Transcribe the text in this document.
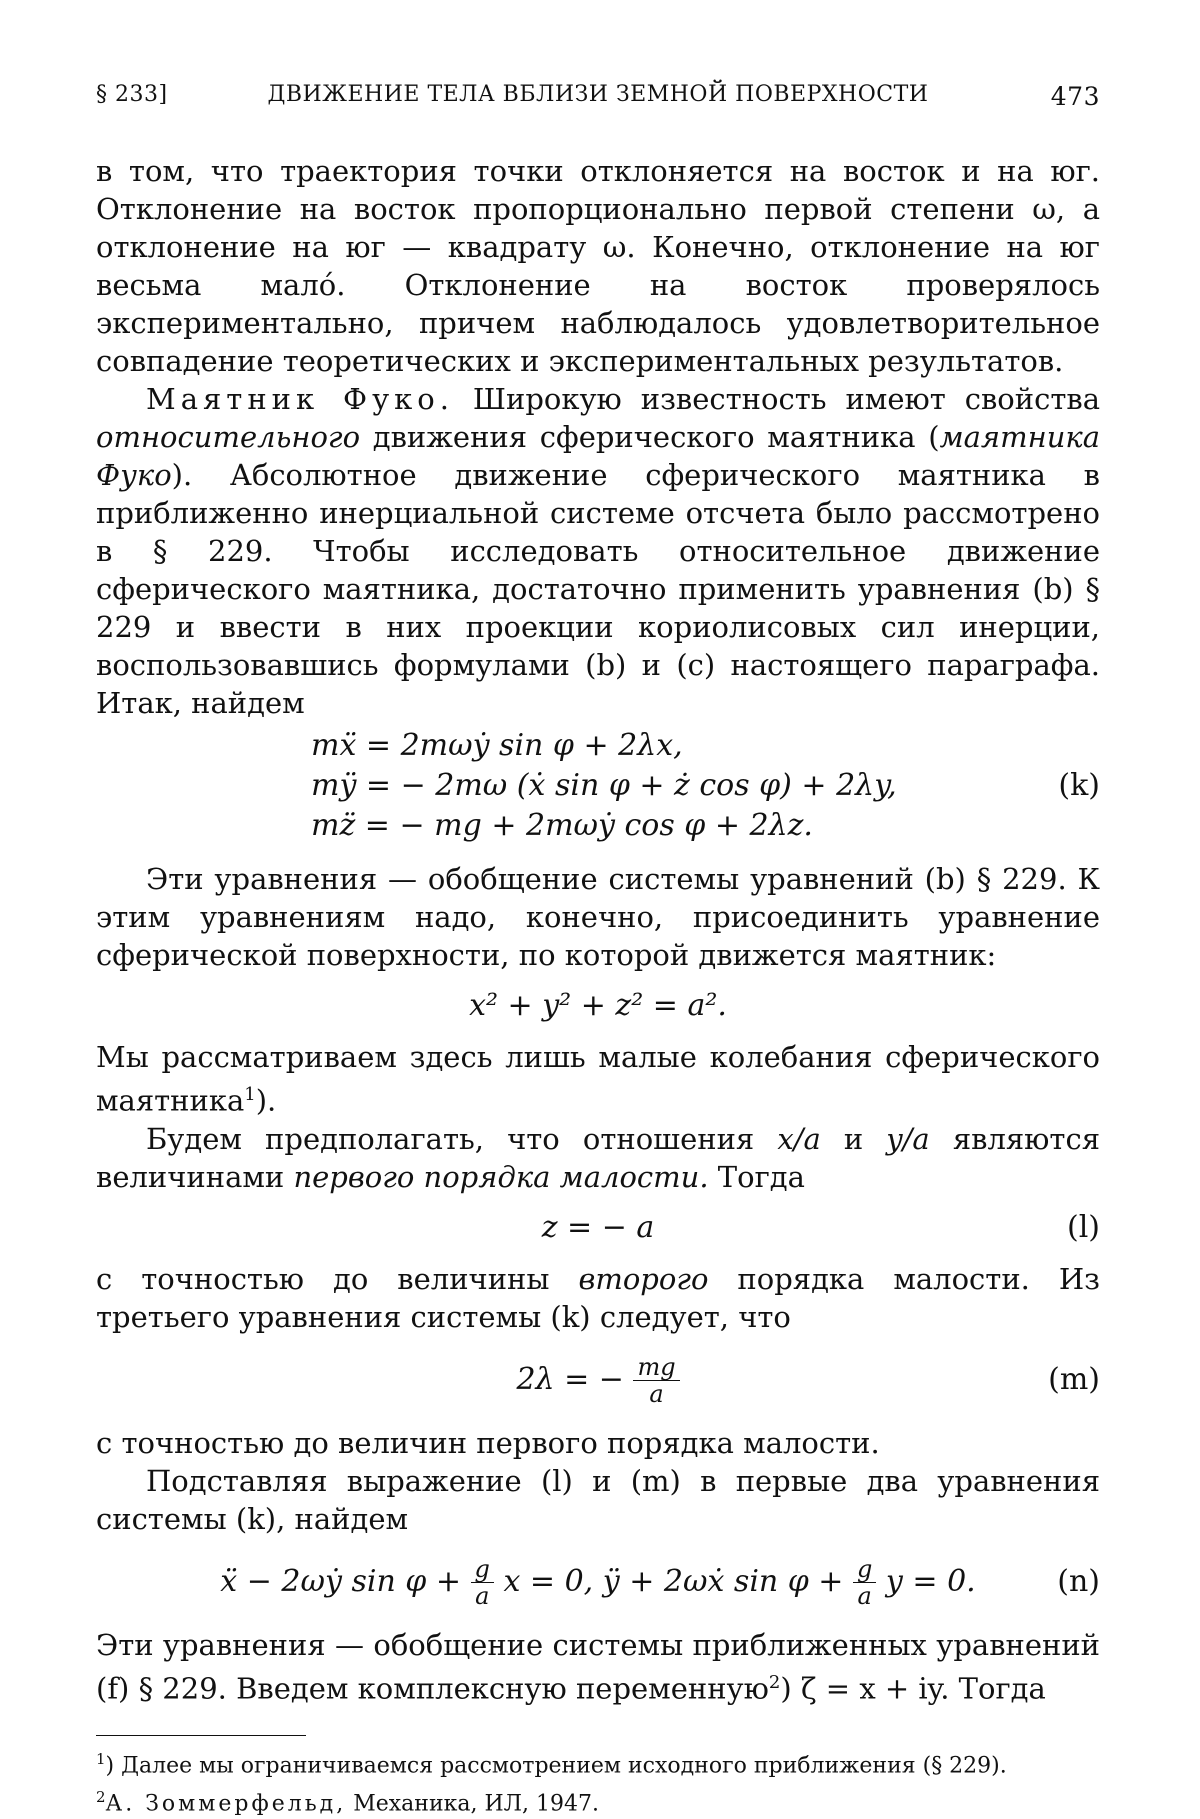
§ 233]	ДВИЖЕНИЕ ТЕЛА ВБЛИЗИ ЗЕМНОЙ ПОВЕРХНОСТИ	473

в том, что траектория точки отклоняется на восток и на юг. Отклонение на восток пропорционально первой степени ω, а отклонение на юг — квадрату ω. Конечно, отклонение на юг весьма мало́. Отклонение на восток проверялось экспериментально, причем наблюдалось удовлетворительное совпадение теоретических и экспериментальных результатов.

Маятник Фуко. Широкую известность имеют свойства относительного движения сферического маятника (маятника Фуко). Абсолютное движение сферического маятника в приближенно инерциальной системе отсчета было рассмотрено в § 229. Чтобы исследовать относительное движение сферического маятника, достаточно применить уравнения (b) § 229 и ввести в них проекции кориолисовых сил инерции, воспользовавшись формулами (b) и (c) настоящего параграфа. Итак, найдем

mẍ = 2mωẏ sin φ + 2λx,
mÿ = − 2mω (ẋ sin φ + ż cos φ) + 2λy,	(k)
mz̈ = − mg + 2mωẏ cos φ + 2λz.

Эти уравнения — обобщение системы уравнений (b) § 229. К этим уравнениям надо, конечно, присоединить уравнение сферической поверхности, по которой движется маятник:

x² + y² + z² = a².

Мы рассматриваем здесь лишь малые колебания сферического маятника$^1$).

Будем предполагать, что отношения x/a и y/a являются величинами первого порядка малости. Тогда

z = − a	(l)

с точностью до величины второго порядка малости. Из третьего уравнения системы (k) следует, что

2λ = − $\frac{mg}{a}$	(m)

с точностью до величин первого порядка малости.

Подставляя выражение (l) и (m) в первые два уравнения системы (k), найдем

ẍ − 2ωẏ $\sin \varphi + \frac{g}{a}$ x = 0, ÿ + 2ωẋ $\sin \varphi + \frac{g}{a}$ y = 0.	(n)

Эти уравнения — обобщение системы приближенных уравнений (f) § 229. Введем комплексную переменную$^2$) ζ = x + iy. Тогда

$^1$) Далее мы ограничиваемся рассмотрением исходного приближения (§ 229).

$^2$А. Зоммерфельд, Механика, ИЛ, 1947.
